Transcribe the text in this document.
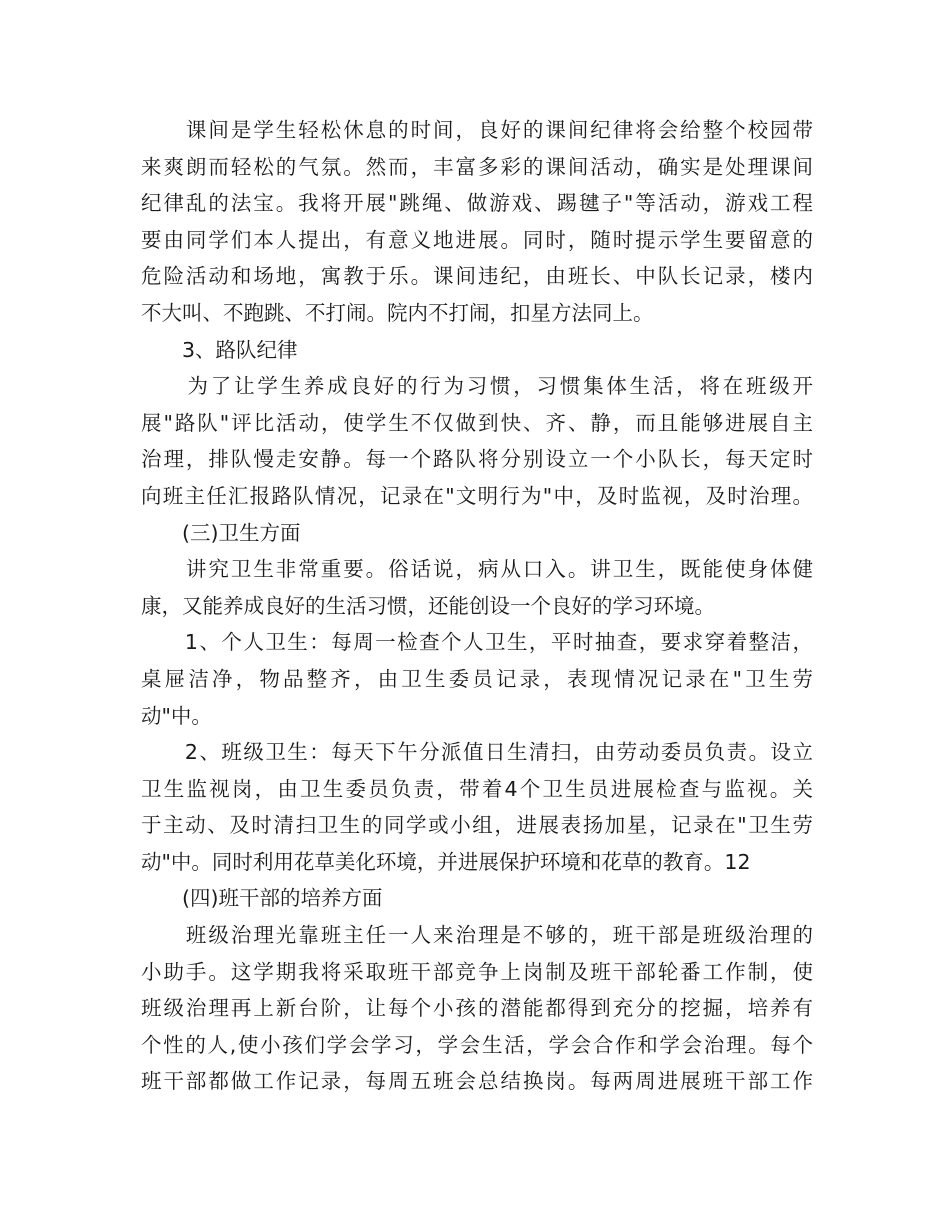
　　课间是学生轻松休息的时间，良好的课间纪律将会给整个校园带
来爽朗而轻松的气氛。然而，丰富多彩的课间活动，确实是处理课间
纪律乱的法宝。我将开展"跳绳、做游戏、踢毽子"等活动，游戏工程
要由同学们本人提出，有意义地进展。同时，随时提示学生要留意的
危险活动和场地，寓教于乐。课间违纪，由班长、中队长记录，楼内
不大叫、不跑跳、不打闹。院内不打闹，扣星方法同上。
　　3、路队纪律
　　为了让学生养成良好的行为习惯，习惯集体生活，将在班级开
展"路队"评比活动，使学生不仅做到快、齐、静，而且能够进展自主
治理，排队慢走安静。每一个路队将分别设立一个小队长，每天定时
向班主任汇报路队情况，记录在"文明行为"中，及时监视，及时治理。
　　(三)卫生方面
　　讲究卫生非常重要。俗话说，病从口入。讲卫生，既能使身体健
康，又能养成良好的生活习惯，还能创设一个良好的学习环境。
　　1、个人卫生：每周一检查个人卫生，平时抽查，要求穿着整洁，
桌屉洁净，物品整齐，由卫生委员记录，表现情况记录在"卫生劳
动"中。
　　2、班级卫生：每天下午分派值日生清扫，由劳动委员负责。设立
卫生监视岗，由卫生委员负责，带着4个卫生员进展检查与监视。关
于主动、及时清扫卫生的同学或小组，进展表扬加星，记录在"卫生劳
动"中。同时利用花草美化环境，并进展保护环境和花草的教育。12
　　(四)班干部的培养方面
　　班级治理光靠班主任一人来治理是不够的，班干部是班级治理的
小助手。这学期我将采取班干部竞争上岗制及班干部轮番工作制，使
班级治理再上新台阶，让每个小孩的潜能都得到充分的挖掘，培养有
个性的人,使小孩们学会学习，学会生活，学会合作和学会治理。每个
班干部都做工作记录，每周五班会总结换岗。每两周进展班干部工作
